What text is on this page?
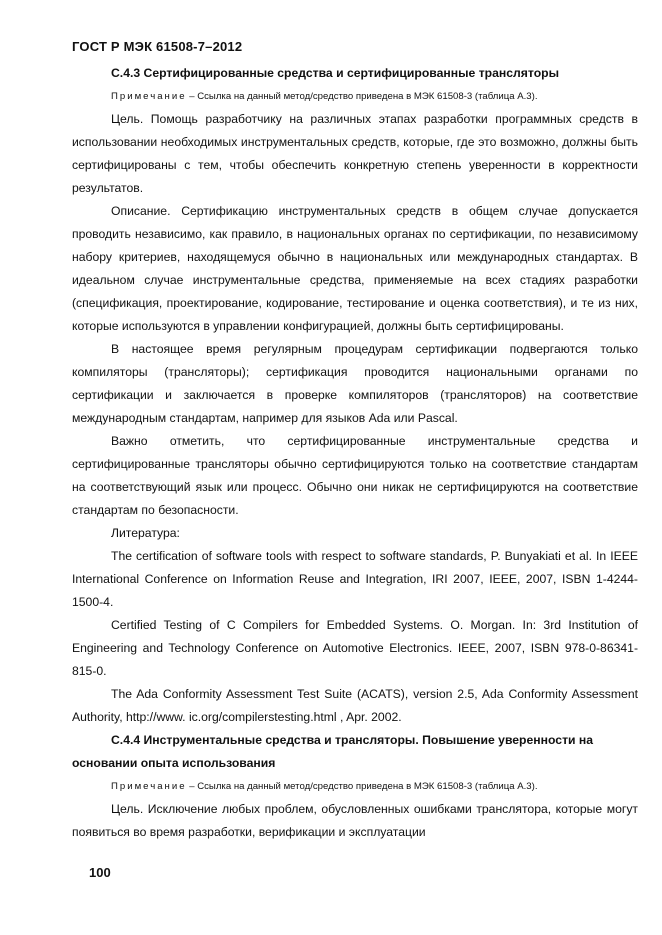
ГОСТ Р МЭК 61508-7–2012

С.4.3 Сертифицированные средства и сертифицированные трансляторы

Примечание – Ссылка на данный метод/средство приведена в МЭК 61508-3 (таблица А.3).

Цель. Помощь разработчику на различных этапах разработки программных средств в использовании необходимых инструментальных средств, которые, где это возможно, должны быть сертифицированы с тем, чтобы обеспечить конкретную степень уверенности в корректности результатов.

Описание. Сертификацию инструментальных средств в общем случае допускается проводить независимо, как правило, в национальных органах по сертификации, по независимому набору критериев, находящемуся обычно в национальных или международных стандартах. В идеальном случае инструментальные средства, применяемые на всех стадиях разработки (спецификация, проектирование, кодирование, тестирование и оценка соответствия), и те из них, которые используются в управлении конфигурацией, должны быть сертифицированы.

В настоящее время регулярным процедурам сертификации подвергаются только компиляторы (трансляторы); сертификация проводится национальными органами по сертификации и заключается в проверке компиляторов (трансляторов) на соответствие международным стандартам, например для языков Ada или Pascal.

Важно отметить, что сертифицированные инструментальные средства и сертифицированные трансляторы обычно сертифицируются только на соответствие стандартам на соответствующий язык или процесс. Обычно они никак не сертифицируются на соответствие стандартам по безопасности.

Литература:

The certification of software tools with respect to software standards, P. Bunyakiati et al. In IEEE International Conference on Information Reuse and Integration, IRI 2007, IEEE, 2007, ISBN 1-4244-1500-4.

Certified Testing of C Compilers for Embedded Systems. O. Morgan. In: 3rd Institution of Engineering and Technology Conference on Automotive Electronics. IEEE, 2007, ISBN 978-0-86341-815-0.

The Ada Conformity Assessment Test Suite (ACATS), version 2.5, Ada Conformity Assessment Authority, http://www. ic.org/compilerstesting.html , Apr. 2002.

С.4.4 Инструментальные средства и трансляторы. Повышение уверенности на основании опыта использования

Примечание – Ссылка на данный метод/средство приведена в МЭК 61508-3 (таблица А.3).

Цель. Исключение любых проблем, обусловленных ошибками транслятора, которые могут появиться во время разработки, верификации и эксплуатации

100
